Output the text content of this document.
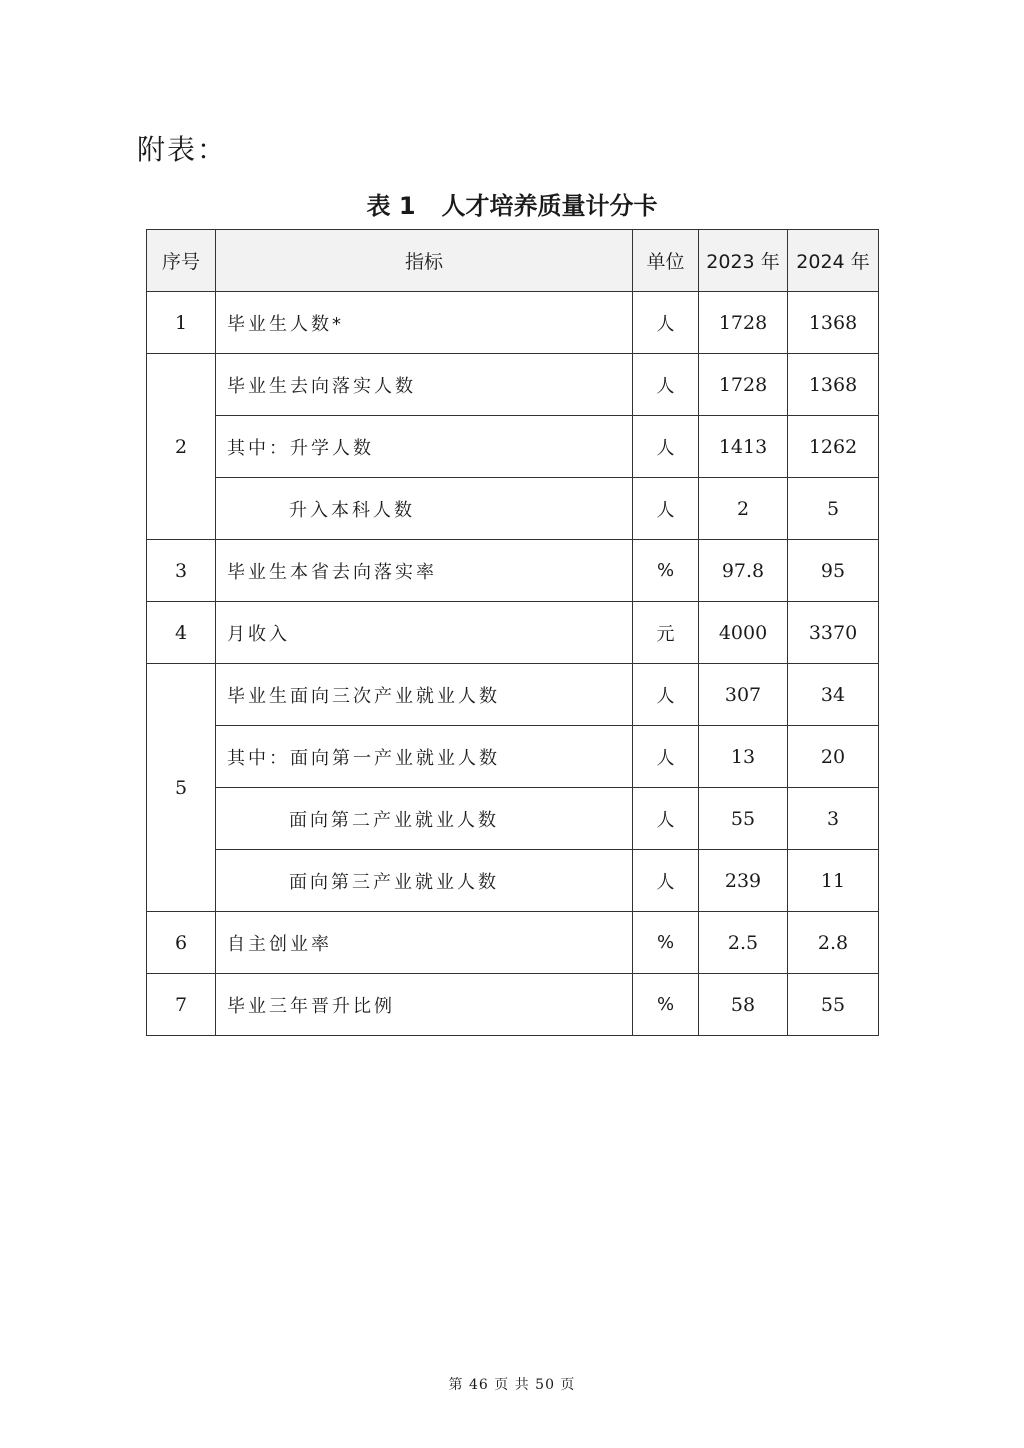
附表：
表 1 人才培养质量计分卡
序号	指标	单位	2023 年	2024 年
1	毕业生人数*	人	1728	1368
2	毕业生去向落实人数	人	1728	1368
	其中：升学人数	人	1413	1262
	升入本科人数	人	2	5
3	毕业生本省去向落实率	%	97.8	95
4	月收入	元	4000	3370
5	毕业生面向三次产业就业人数	人	307	34
	其中：面向第一产业就业人数	人	13	20
	面向第二产业就业人数	人	55	3
	面向第三产业就业人数	人	239	11
6	自主创业率	%	2.5	2.8
7	毕业三年晋升比例	%	58	55
第 46 页 共 50 页
